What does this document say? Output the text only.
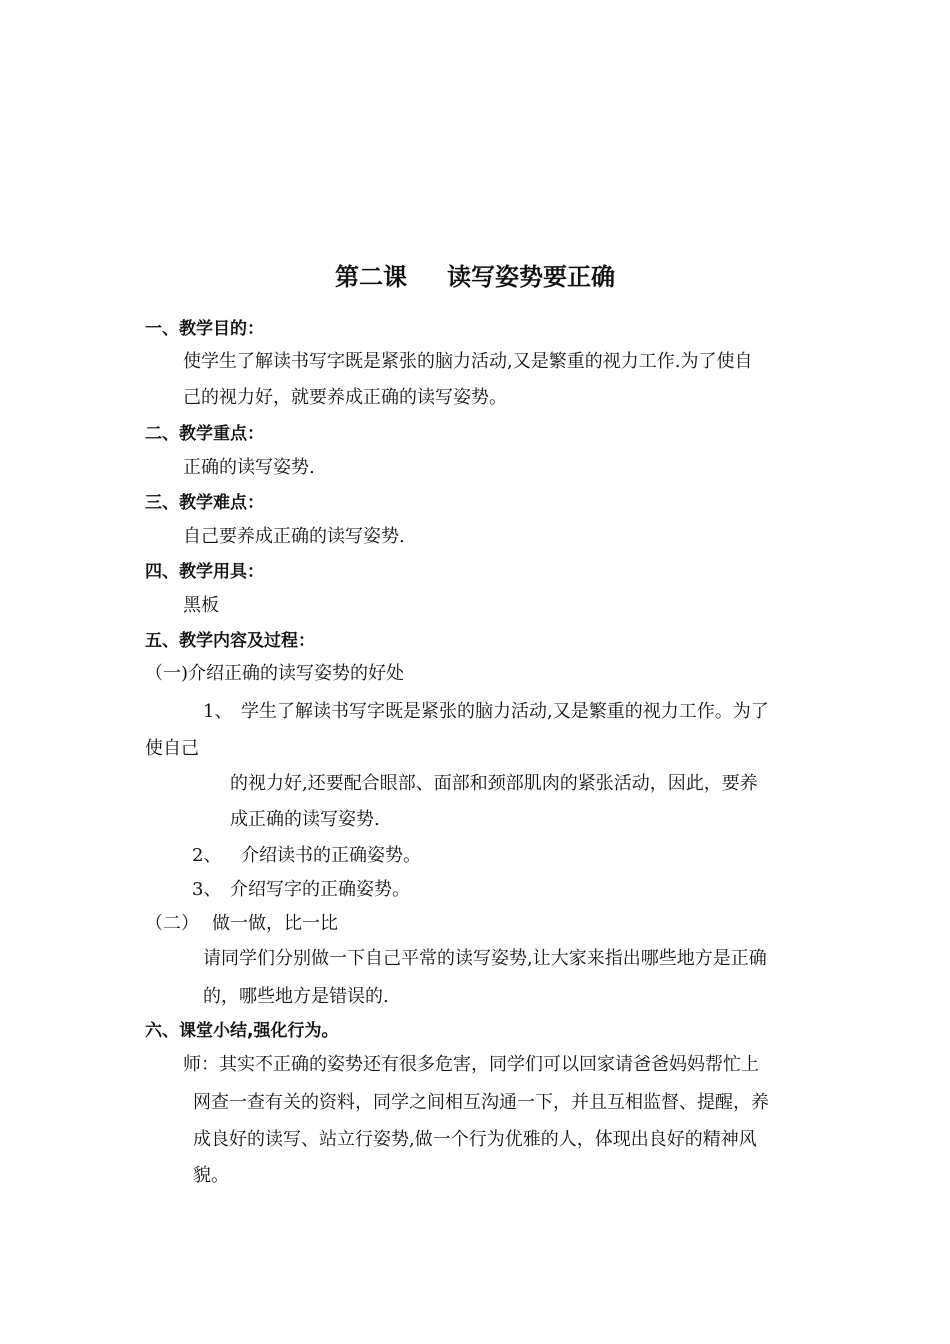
第二课 读写姿势要正确
一、教学目的：
使学生了解读书写字既是紧张的脑力活动,又是繁重的视力工作.为了使自
己的视力好，就要养成正确的读写姿势。
二、教学重点：
正确的读写姿势.
三、教学难点：
自己要养成正确的读写姿势.
四、教学用具：
黑板
五、教学内容及过程：
（一)介绍正确的读写姿势的好处
1、 学生了解读书写字既是紧张的脑力活动,又是繁重的视力工作。为了
使自己
的视力好,还要配合眼部、面部和颈部肌肉的紧张活动，因此，要养
成正确的读写姿势.
2、 介绍读书的正确姿势。
3、 介绍写字的正确姿势。
（二） 做一做，比一比
请同学们分别做一下自己平常的读写姿势,让大家来指出哪些地方是正确
的，哪些地方是错误的.
六、课堂小结,强化行为。
师：其实不正确的姿势还有很多危害，同学们可以回家请爸爸妈妈帮忙上
网查一查有关的资料，同学之间相互沟通一下，并且互相监督、提醒，养
成良好的读写、站立行姿势,做一个行为优雅的人，体现出良好的精神风
貌。
